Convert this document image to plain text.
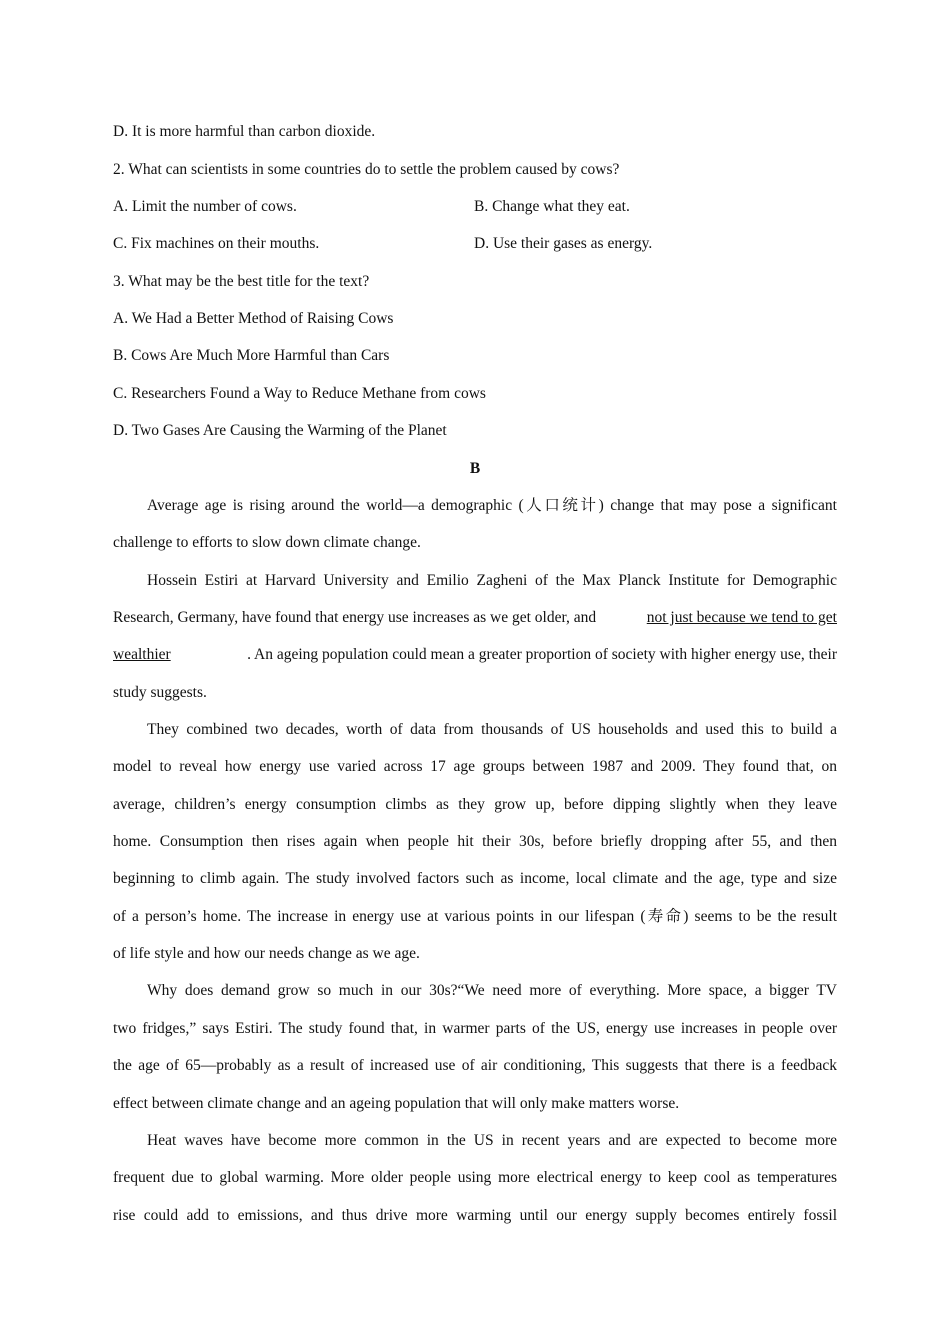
D. It is more harmful than carbon dioxide.
2. What can scientists in some countries do to settle the problem caused by cows?
A. Limit the number of cows.	B. Change what they eat.
C. Fix machines on their mouths.	D. Use their gases as energy.
3. What may be the best title for the text?
A. We Had a Better Method of Raising Cows
B. Cows Are Much More Harmful than Cars
C. Researchers Found a Way to Reduce Methane from cows
D. Two Gases Are Causing the Warming of the Planet
B
Average age is rising around the world—a demographic (人口统计) change that may pose a significant
challenge to efforts to slow down climate change.
Hossein Estiri at Harvard University and Emilio Zagheni of the Max Planck Institute for Demographic
Research, Germany, have found that energy use increases as we get older, and	not just because we tend to get
wealthier	. An ageing population could mean a greater proportion of society with higher energy use, their
study suggests.
They combined two decades, worth of data from thousands of US households and used this to build a
model to reveal how energy use varied across 17 age groups between 1987 and 2009. They found that, on
average, children’s energy consumption climbs as they grow up, before dipping slightly when they leave
home. Consumption then rises again when people hit their 30s, before briefly dropping after 55, and then
beginning to climb again. The study involved factors such as income, local climate and the age, type and size
of a person’s home. The increase in energy use at various points in our lifespan (寿命) seems to be the result
of life style and how our needs change as we age.
Why does demand grow so much in our 30s?“We need more of everything. More space, a bigger TV
two fridges,” says Estiri. The study found that, in warmer parts of the US, energy use increases in people over
the age of 65—probably as a result of increased use of air conditioning, This suggests that there is a feedback
effect between climate change and an ageing population that will only make matters worse.
Heat waves have become more common in the US in recent years and are expected to become more
frequent due to global warming. More older people using more electrical energy to keep cool as temperatures
rise could add to emissions, and thus drive more warming until our energy supply becomes entirely fossil
